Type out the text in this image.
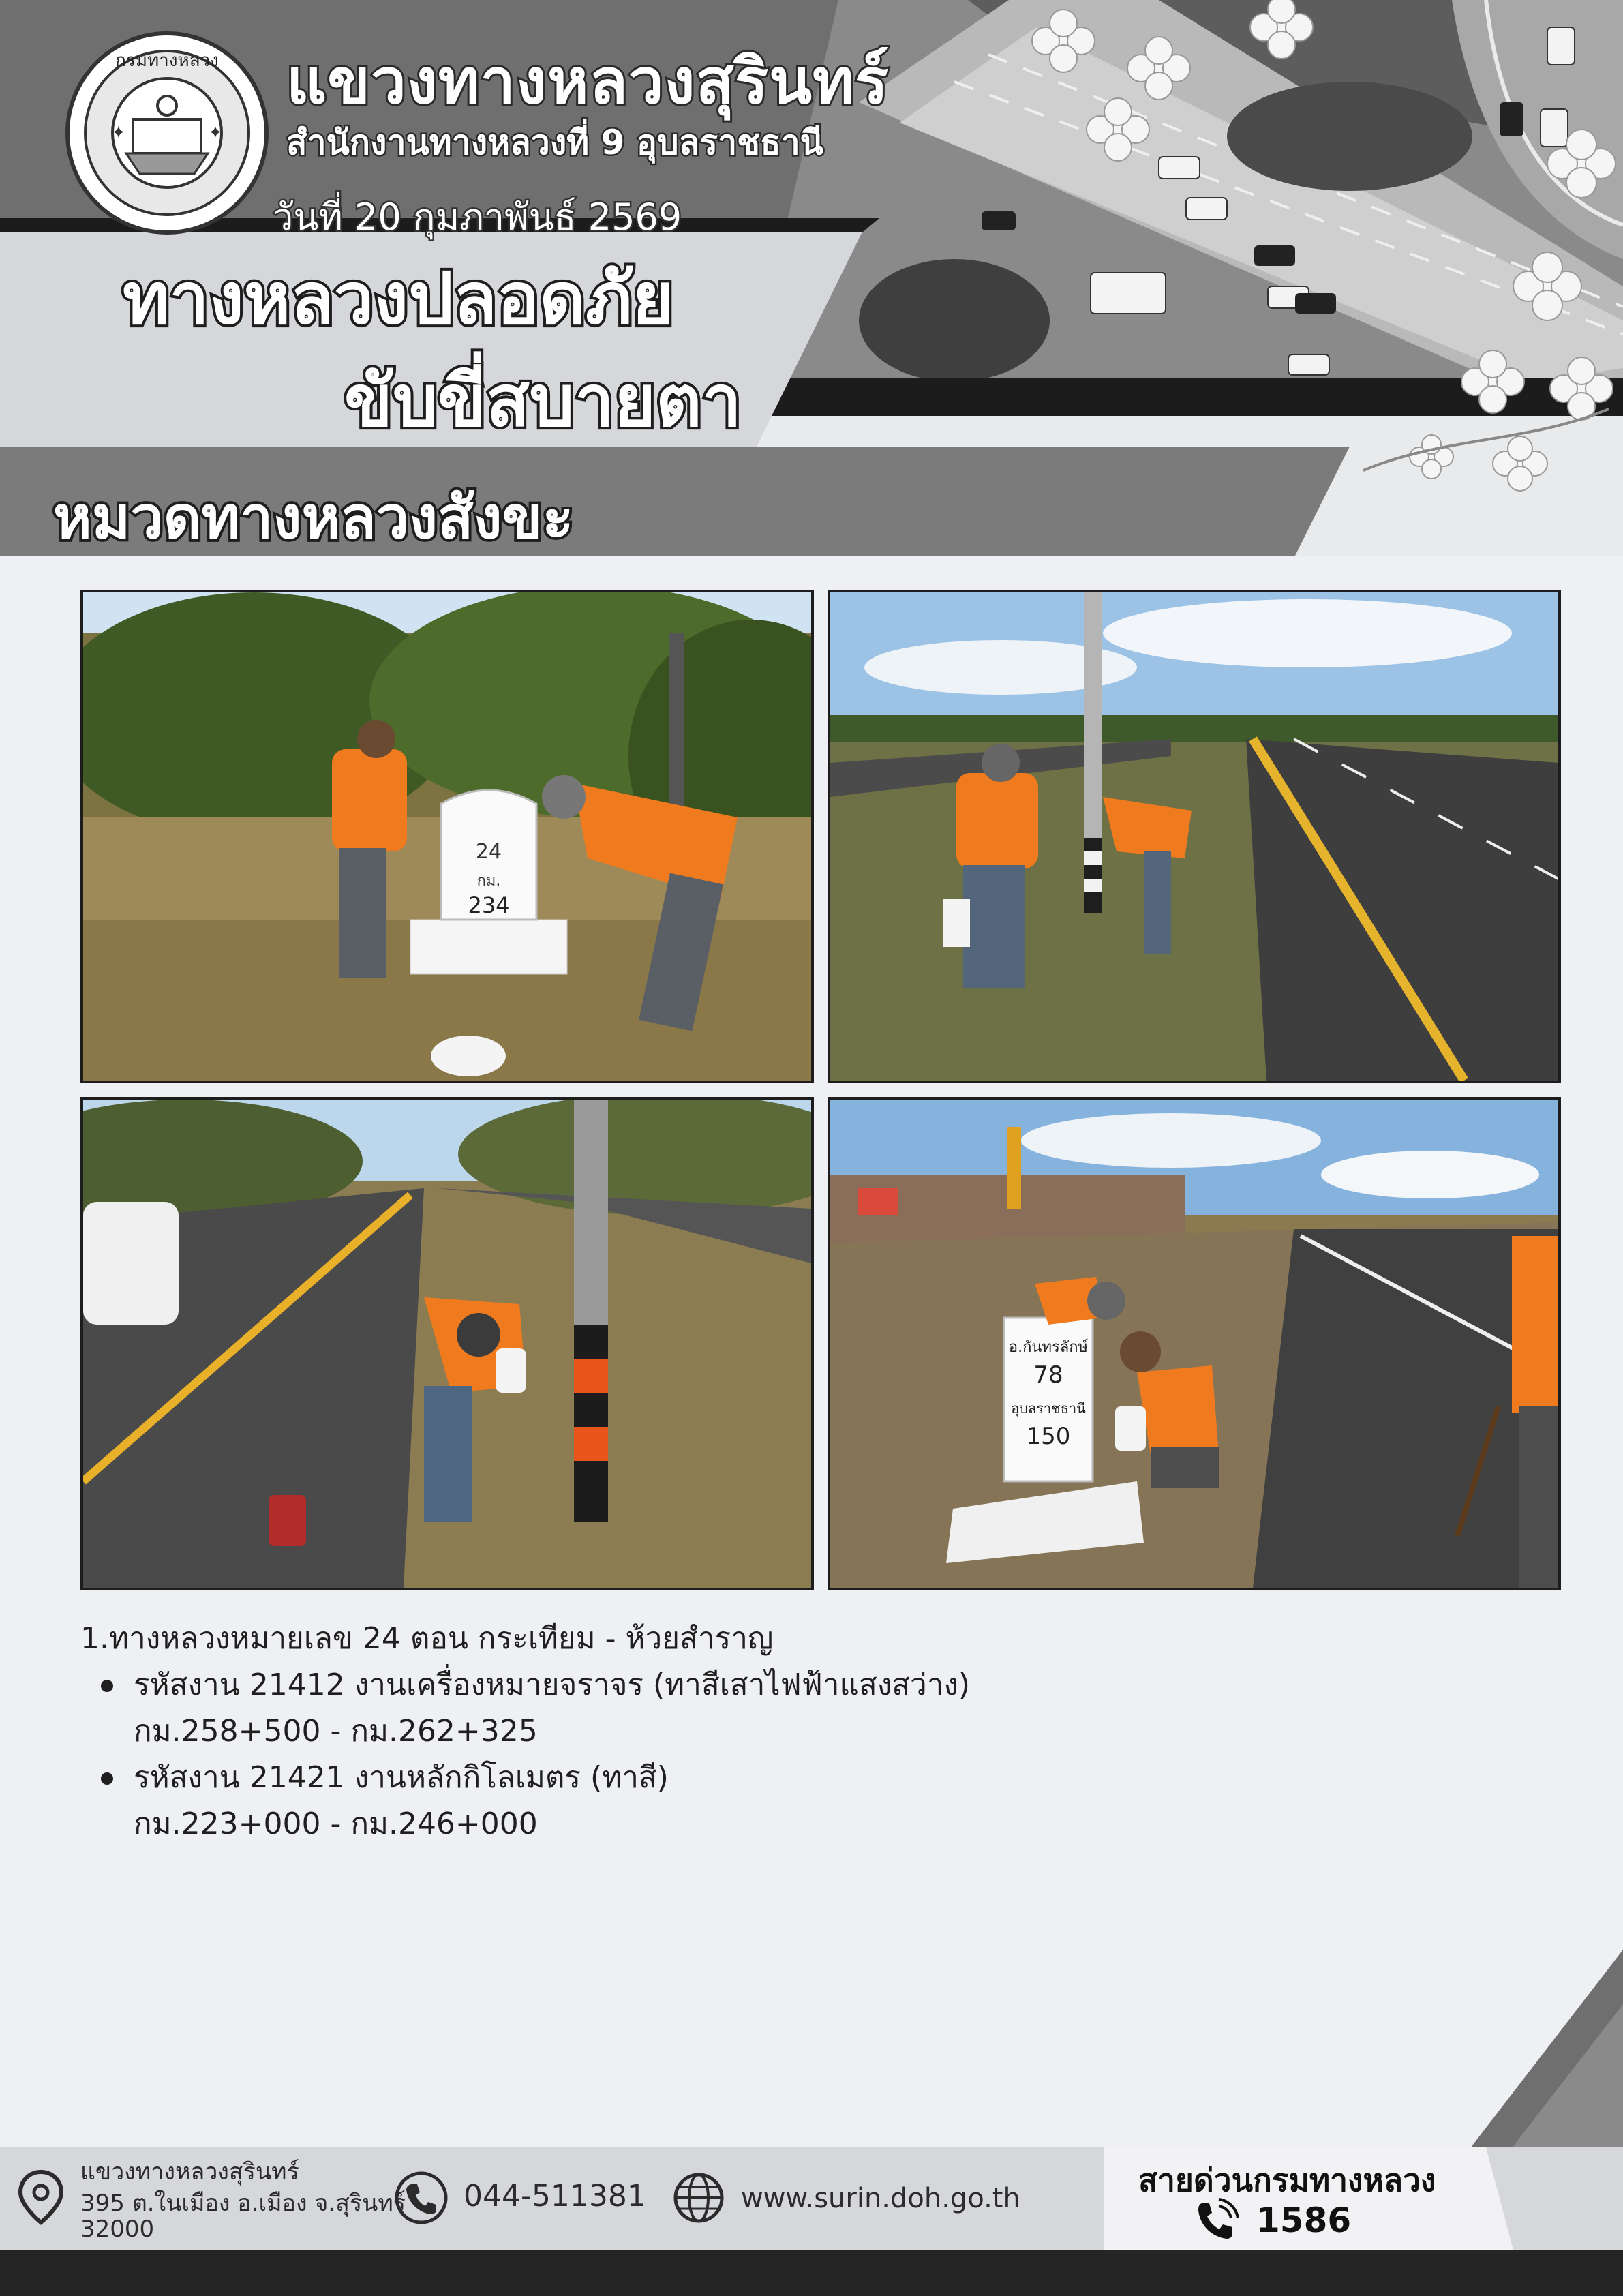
กรมทางหลวง
✦	✦
แขวงทางหลวงสุรินทร์
สำนักงานทางหลวงที่ 9 อุบลราชธานี
วันที่ 20 กุมภาพันธ์ 2569
ทางหลวงปลอดภัย
ขับขี่สบายตา
หมวดทางหลวงสังขะ
24
กม.
234
อ.กันทรลักษ์
78
อุบลราชธานี
150
1.ทางหลวงหมายเลข 24 ตอน กระเทียม - ห้วยสำราญ
รหัสงาน 21412 งานเครื่องหมายจราจร (ทาสีเสาไฟฟ้าแสงสว่าง)
กม.258+500 - กม.262+325
รหัสงาน 21421 งานหลักกิโลเมตร (ทาสี)
กม.223+000 - กม.246+000
แขวงทางหลวงสุรินทร์
395 ต.ในเมือง อ.เมือง จ.สุรินทร์
32000
044-511381	www.surin.doh.go.th	สายด่วนกรมทางหลวง
1586
